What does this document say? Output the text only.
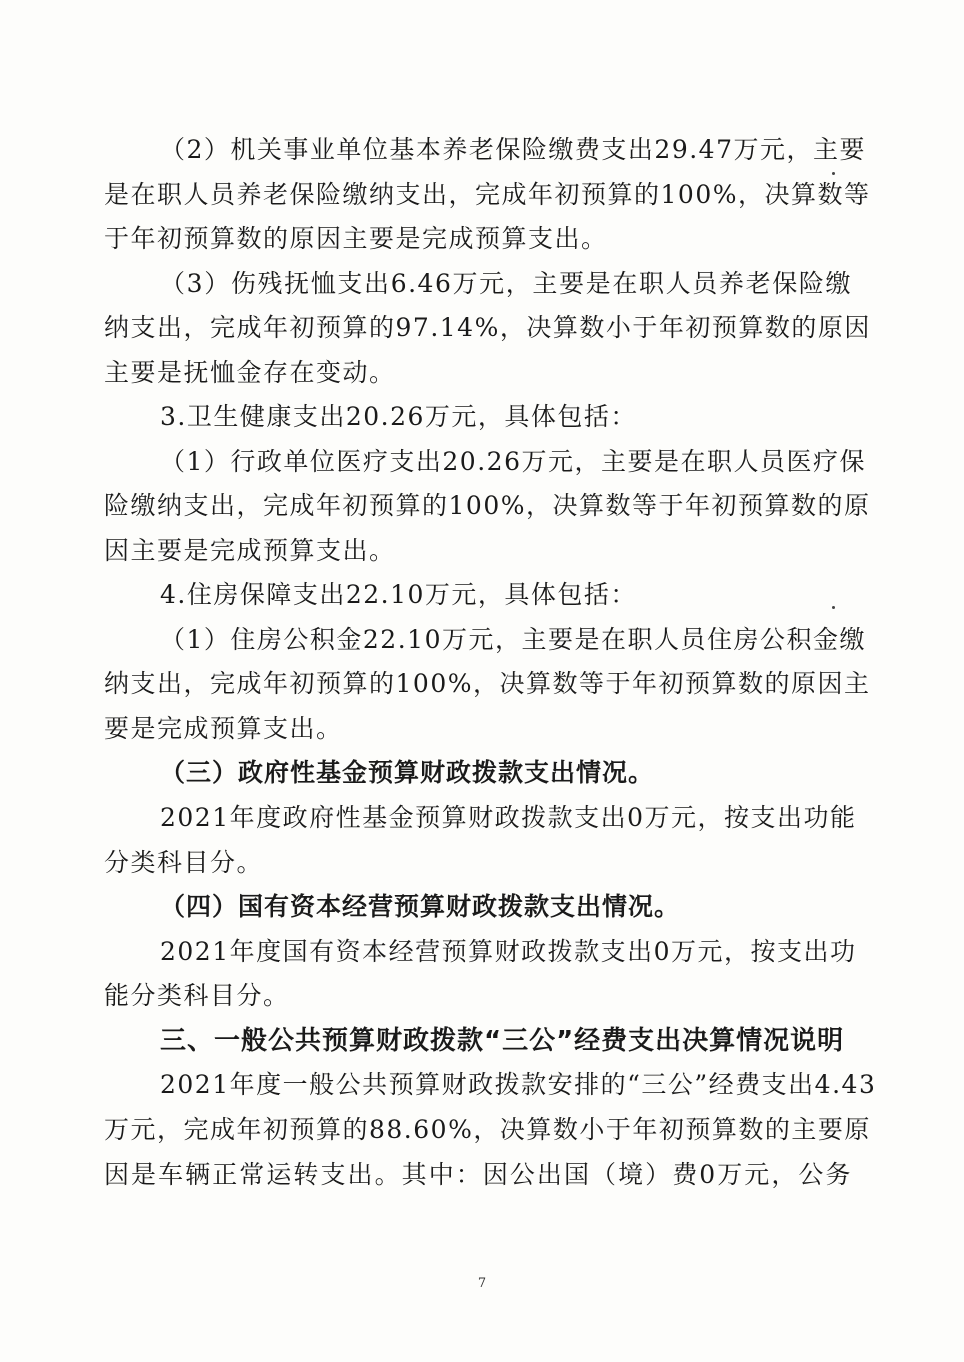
（2）机关事业单位基本养老保险缴费支出29.47万元，主要
是在职人员养老保险缴纳支出，完成年初预算的100%，决算数等
于年初预算数的原因主要是完成预算支出。
（3）伤残抚恤支出6.46万元，主要是在职人员养老保险缴
纳支出，完成年初预算的97.14%，决算数小于年初预算数的原因
主要是抚恤金存在变动。
3.卫生健康支出20.26万元，具体包括：
（1）行政单位医疗支出20.26万元，主要是在职人员医疗保
险缴纳支出，完成年初预算的100%，决算数等于年初预算数的原
因主要是完成预算支出。
4.住房保障支出22.10万元，具体包括：
（1）住房公积金22.10万元，主要是在职人员住房公积金缴
纳支出，完成年初预算的100%，决算数等于年初预算数的原因主
要是完成预算支出。
（三）政府性基金预算财政拨款支出情况。
2021年度政府性基金预算财政拨款支出0万元，按支出功能
分类科目分。
（四）国有资本经营预算财政拨款支出情况。
2021年度国有资本经营预算财政拨款支出0万元，按支出功
能分类科目分。
三、一般公共预算财政拨款“三公”经费支出决算情况说明
2021年度一般公共预算财政拨款安排的“三公”经费支出4.43
万元，完成年初预算的88.60%，决算数小于年初预算数的主要原
因是车辆正常运转支出。其中：因公出国（境）费0万元，公务
7
